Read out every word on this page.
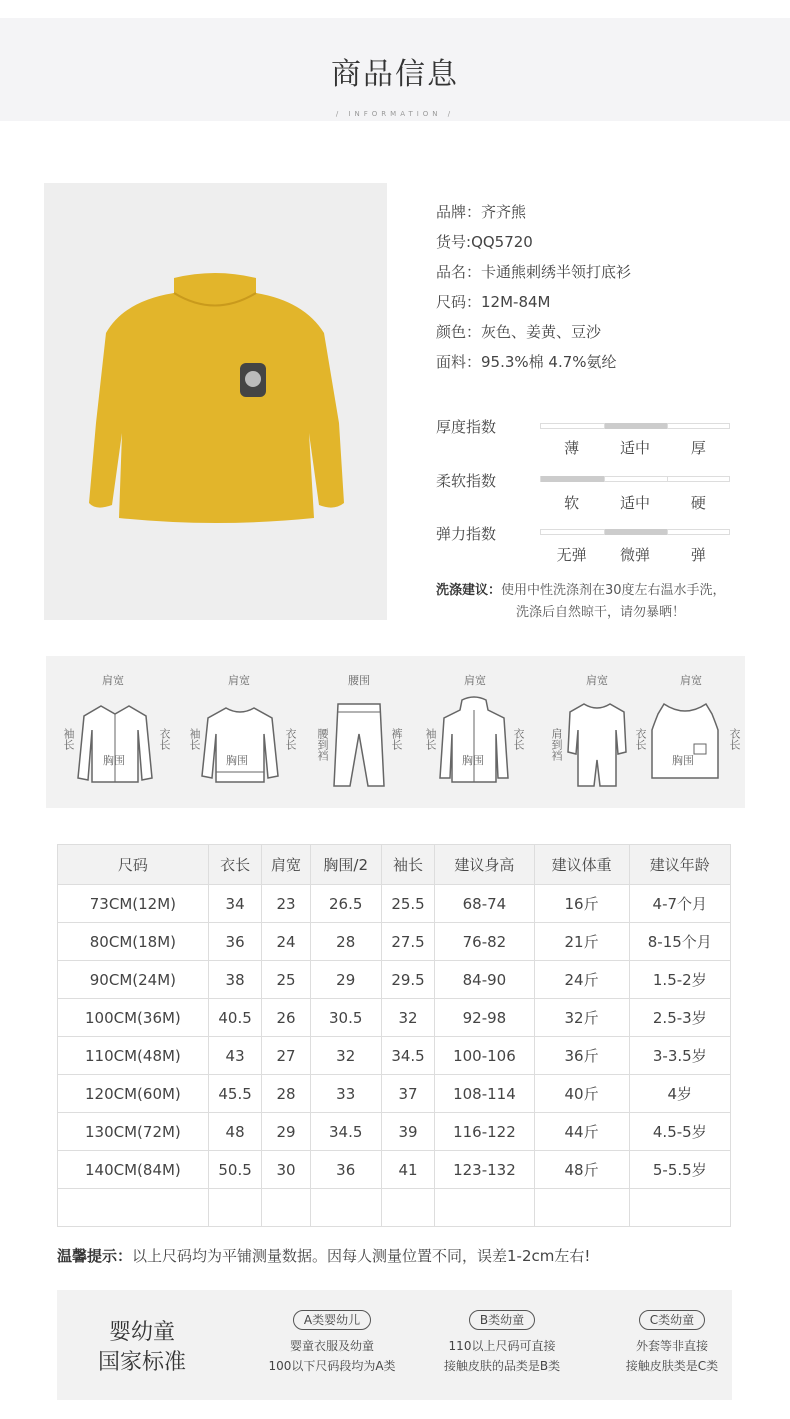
商品信息
/ INFORMATION /
品牌：齐齐熊
货号:QQ5720
品名：卡通熊刺绣半领打底衫
尺码：12M-84M
颜色：灰色、姜黄、豆沙
面料：95.3%棉 4.7%氨纶
厚度指数
薄	适中	厚
柔软指数
软	适中	硬
弹力指数
无弹	微弹	弹
洗涤建议：使用中性洗涤剂在30度左右温水手洗，
洗涤后自然晾干，请勿暴晒！
肩宽
袖长	衣长
胸围
肩宽
袖长	衣长
胸围
腰围
腰到裆	裤长
肩宽
袖长	衣长
胸围
肩宽
肩到裆	衣长
肩宽
衣长
胸围
尺码	衣长	肩宽	胸围/2	袖长	建议身高	建议体重	建议年龄
73CM(12M)	34	23	26.5	25.5	68-74	16斤	4-7个月
80CM(18M)	36	24	28	27.5	76-82	21斤	8-15个月
90CM(24M)	38	25	29	29.5	84-90	24斤	1.5-2岁
100CM(36M)	40.5	26	30.5	32	92-98	32斤	2.5-3岁
110CM(48M)	43	27	32	34.5	100-106	36斤	3-3.5岁
120CM(60M)	45.5	28	33	37	108-114	40斤	4岁
130CM(72M)	48	29	34.5	39	116-122	44斤	4.5-5岁
140CM(84M)	50.5	30	36	41	123-132	48斤	5-5.5岁

温馨提示：以上尺码均为平铺测量数据。因每人测量位置不同，误差1-2cm左右!
婴幼童
国家标准
A类婴幼儿
婴童衣服及幼童
100以下尺码段均为A类
B类幼童
110以上尺码可直接
接触皮肤的品类是B类
C类幼童
外套等非直接
接触皮肤类是C类
